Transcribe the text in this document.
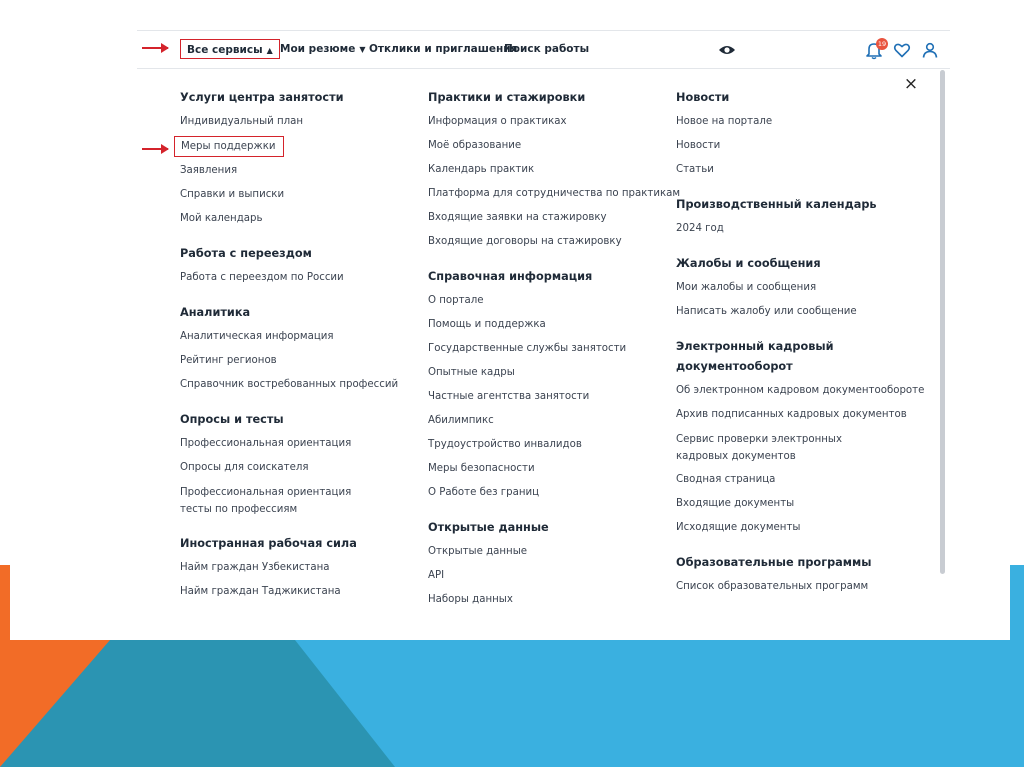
Все сервисы ▲ Мои резюме ▼ Отклики и приглашения
Поиск работы	19
×
Услуги центра занятости
Индивидуальный план
Меры поддержки
Заявления
Справки и выписки
Мой календарь
Работа с переездом
Работа с переездом по России
Аналитика
Аналитическая информация
Рейтинг регионов
Справочник востребованных профессий
Опросы и тесты
Профессиональная ориентация
Опросы для соискателя
Профессиональная ориентация тесты по профессиям
Иностранная рабочая сила
Найм граждан Узбекистана
Найм граждан Таджикистана
Практики и стажировки
Информация о практиках
Моё образование
Календарь практик
Платформа для сотрудничества по практикам
Входящие заявки на стажировку
Входящие договоры на стажировку
Справочная информация
О портале
Помощь и поддержка
Государственные службы занятости
Опытные кадры
Частные агентства занятости
Абилимпикс
Трудоустройство инвалидов
Меры безопасности
О Работе без границ
Открытые данные
Открытые данные
API
Наборы данных
Новости
Новое на портале
Новости
Статьи
Производственный календарь
2024 год
Жалобы и сообщения
Мои жалобы и сообщения
Написать жалобу или сообщение
Электронный кадровый документооборот
Об электронном кадровом документообороте
Архив подписанных кадровых документов
Сервис проверки электронных кадровых документов
Сводная страница
Входящие документы
Исходящие документы
Образовательные программы
Список образовательных программ
